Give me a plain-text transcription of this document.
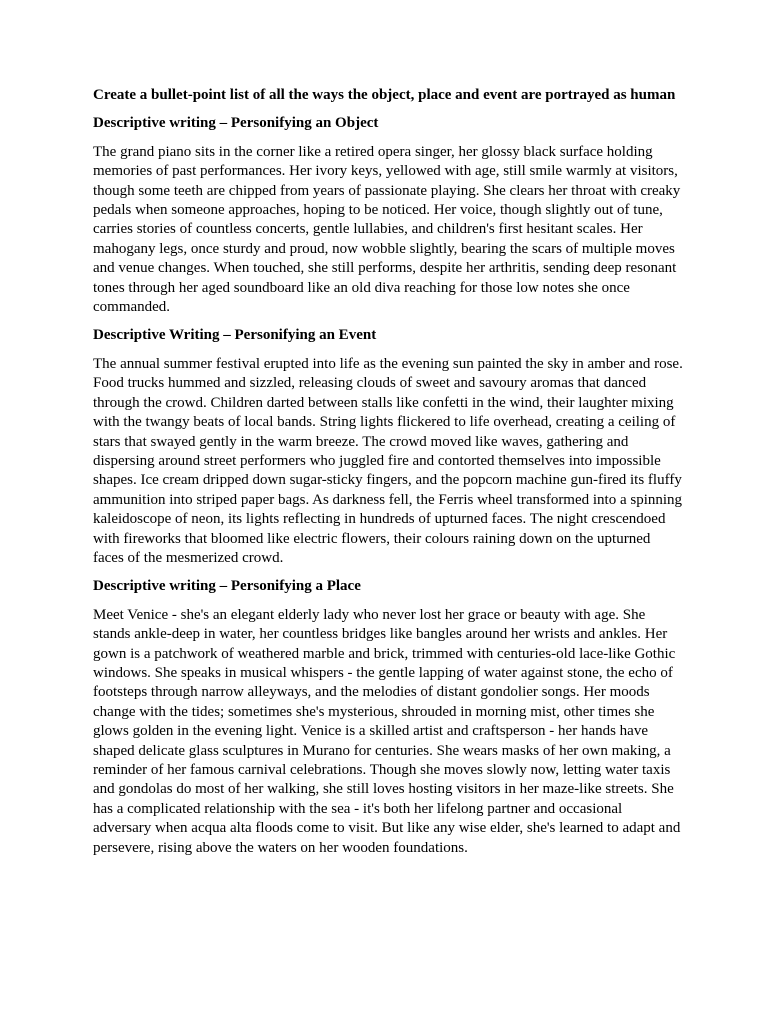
Create a bullet-point list of all the ways the object, place and event are portrayed as human

Descriptive writing – Personifying an Object

The grand piano sits in the corner like a retired opera singer, her glossy black surface holding memories of past performances. Her ivory keys, yellowed with age, still smile warmly at visitors, though some teeth are chipped from years of passionate playing. She clears her throat with creaky pedals when someone approaches, hoping to be noticed. Her voice, though slightly out of tune, carries stories of countless concerts, gentle lullabies, and children's first hesitant scales. Her mahogany legs, once sturdy and proud, now wobble slightly, bearing the scars of multiple moves and venue changes. When touched, she still performs, despite her arthritis, sending deep resonant tones through her aged soundboard like an old diva reaching for those low notes she once commanded.

Descriptive Writing – Personifying an Event

The annual summer festival erupted into life as the evening sun painted the sky in amber and rose. Food trucks hummed and sizzled, releasing clouds of sweet and savoury aromas that danced through the crowd. Children darted between stalls like confetti in the wind, their laughter mixing with the twangy beats of local bands. String lights flickered to life overhead, creating a ceiling of stars that swayed gently in the warm breeze. The crowd moved like waves, gathering and dispersing around street performers who juggled fire and contorted themselves into impossible shapes. Ice cream dripped down sugar-sticky fingers, and the popcorn machine gun-fired its fluffy ammunition into striped paper bags. As darkness fell, the Ferris wheel transformed into a spinning kaleidoscope of neon, its lights reflecting in hundreds of upturned faces. The night crescendoed with fireworks that bloomed like electric flowers, their colours raining down on the upturned faces of the mesmerized crowd.

Descriptive writing – Personifying a Place

Meet Venice - she's an elegant elderly lady who never lost her grace or beauty with age. She stands ankle-deep in water, her countless bridges like bangles around her wrists and ankles. Her gown is a patchwork of weathered marble and brick, trimmed with centuries-old lace-like Gothic windows. She speaks in musical whispers - the gentle lapping of water against stone, the echo of footsteps through narrow alleyways, and the melodies of distant gondolier songs. Her moods change with the tides; sometimes she's mysterious, shrouded in morning mist, other times she glows golden in the evening light. Venice is a skilled artist and craftsperson - her hands have shaped delicate glass sculptures in Murano for centuries. She wears masks of her own making, a reminder of her famous carnival celebrations. Though she moves slowly now, letting water taxis and gondolas do most of her walking, she still loves hosting visitors in her maze-like streets. She has a complicated relationship with the sea - it's both her lifelong partner and occasional adversary when acqua alta floods come to visit. But like any wise elder, she's learned to adapt and persevere, rising above the waters on her wooden foundations.
